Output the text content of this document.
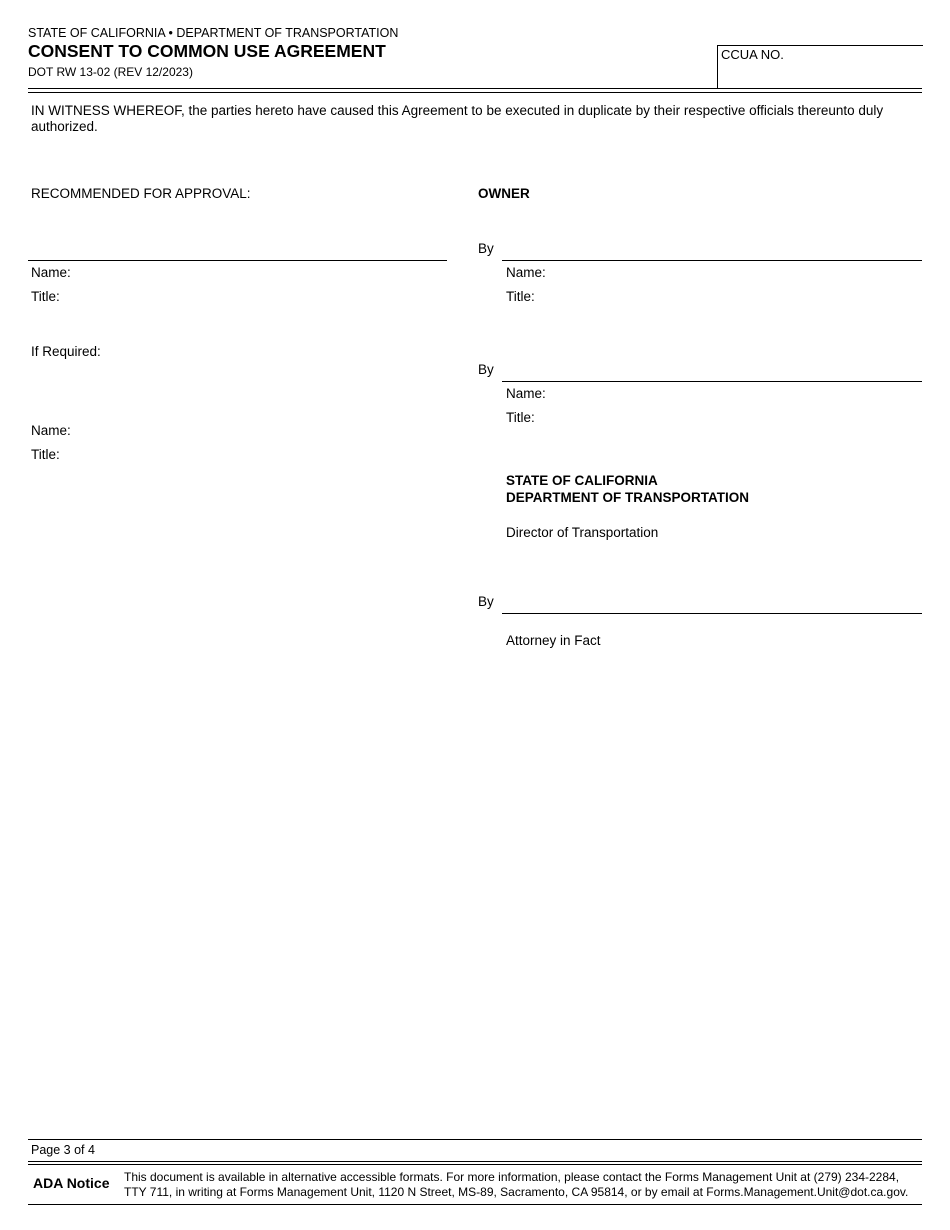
STATE OF CALIFORNIA • DEPARTMENT OF TRANSPORTATION
CONSENT TO COMMON USE AGREEMENT
DOT RW 13-02 (REV 12/2023)
CCUA NO.
IN WITNESS WHEREOF, the parties hereto have caused this Agreement to be executed in duplicate by their respective officials thereunto duly authorized.
RECOMMENDED FOR APPROVAL:
Name:
Title:
If Required:
Name:
Title:
OWNER
By
Name:
Title:
By
Name:
Title:
STATE OF CALIFORNIA
DEPARTMENT OF TRANSPORTATION
Director of Transportation
By
Attorney in Fact
Page 3 of 4
ADA Notice This document is available in alternative accessible formats. For more information, please contact the Forms Management Unit at (279) 234-2284,
TTY 711, in writing at Forms Management Unit, 1120 N Street, MS-89, Sacramento, CA 95814, or by email at Forms.Management.Unit@dot.ca.gov.
